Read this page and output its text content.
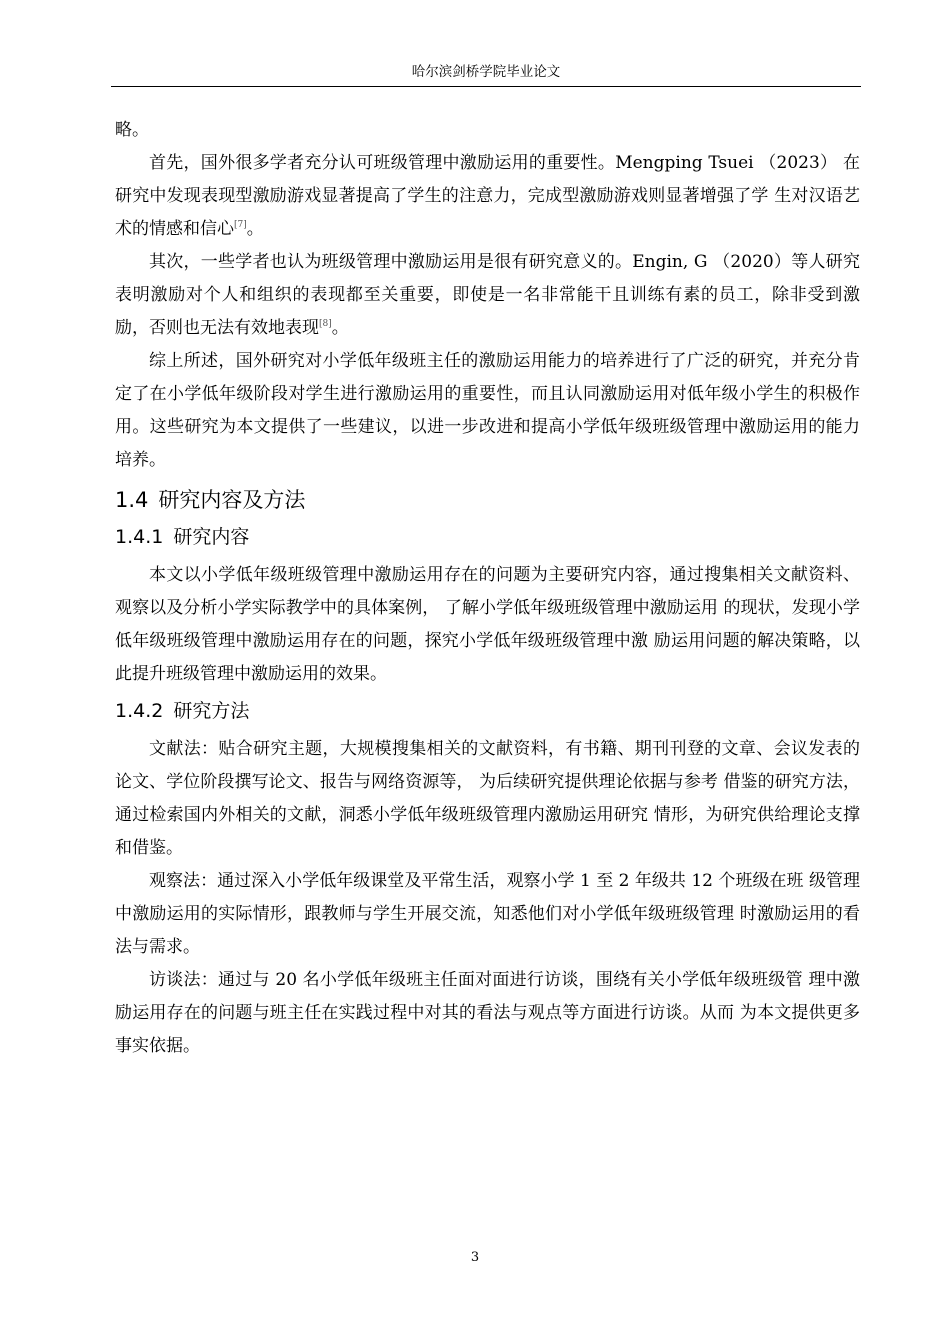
哈尔滨剑桥学院毕业论文

略。

首先，国外很多学者充分认可班级管理中激励运用的重要性。Mengping Tsuei （2023） 在研究中发现表现型激励游戏显著提高了学生的注意力，完成型激励游戏则显著增强了学 生对汉语艺术的情感和信心[7]。

其次，一些学者也认为班级管理中激励运用是很有研究意义的。Engin, G （2020）等人研究表明激励对个人和组织的表现都至关重要，即使是一名非常能干且训练有素的员工，除非受到激励，否则也无法有效地表现[8]。

综上所述，国外研究对小学低年级班主任的激励运用能力的培养进行了广泛的研究，并充分肯定了在小学低年级阶段对学生进行激励运用的重要性，而且认同激励运用对低年级小学生的积极作用。这些研究为本文提供了一些建议，以进一步改进和提高小学低年级班级管理中激励运用的能力培养。

1.4 研究内容及方法
1.4.1 研究内容

本文以小学低年级班级管理中激励运用存在的问题为主要研究内容，通过搜集相关文献资料、观察以及分析小学实际教学中的具体案例， 了解小学低年级班级管理中激励运用 的现状，发现小学低年级班级管理中激励运用存在的问题，探究小学低年级班级管理中激 励运用问题的解决策略，以此提升班级管理中激励运用的效果。

1.4.2 研究方法

文献法：贴合研究主题，大规模搜集相关的文献资料，有书籍、期刊刊登的文章、会议发表的论文、学位阶段撰写论文、报告与网络资源等， 为后续研究提供理论依据与参考 借鉴的研究方法，通过检索国内外相关的文献，洞悉小学低年级班级管理内激励运用研究 情形，为研究供给理论支撑和借鉴。

观察法：通过深入小学低年级课堂及平常生活，观察小学 1 至 2 年级共 12 个班级在班 级管理中激励运用的实际情形，跟教师与学生开展交流，知悉他们对小学低年级班级管理 时激励运用的看法与需求。

访谈法：通过与 20 名小学低年级班主任面对面进行访谈，围绕有关小学低年级班级管 理中激励运用存在的问题与班主任在实践过程中对其的看法与观点等方面进行访谈。从而 为本文提供更多事实依据。

3
